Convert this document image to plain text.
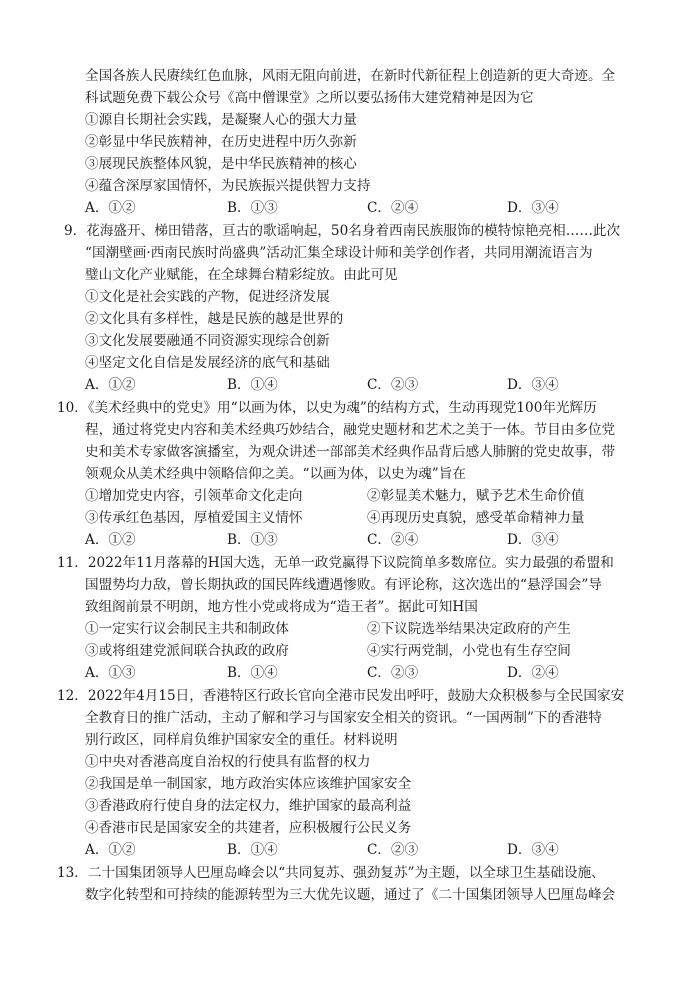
全国各族人民赓续红色血脉，风雨无阻向前进，在新时代新征程上创造新的更大奇迹。全
科试题免费下载公众号《高中僧课堂》之所以要弘扬伟大建党精神是因为它
①源自长期社会实践，是凝聚人心的强大力量
②彰显中华民族精神，在历史进程中历久弥新
③展现民族整体风貌，是中华民族精神的核心
④蕴含深厚家国情怀，为民族振兴提供智力支持
A．①②	B．①③	C．②④	D．③④
9．花海盛开、梯田错落，亘古的歌谣响起，50名身着西南民族服饰的模特惊艳亮相……此次
“国潮壁画·西南民族时尚盛典”活动汇集全球设计师和美学创作者，共同用潮流语言为
璧山文化产业赋能，在全球舞台精彩绽放。由此可见
①文化是社会实践的产物，促进经济发展
②文化具有多样性，越是民族的越是世界的
③文化发展要融通不同资源实现综合创新
④坚定文化自信是发展经济的底气和基础
A．①②	B．①④	C．②③	D．③④
10．《美术经典中的党史》用“以画为体，以史为魂”的结构方式，生动再现党100年光辉历
程，通过将党史内容和美术经典巧妙结合，融党史题材和艺术之美于一体。节目由多位党
史和美术专家做客演播室，为观众讲述一部部美术经典作品背后感人肺腑的党史故事，带
领观众从美术经典中领略信仰之美。“以画为体，以史为魂”旨在
①增加党史内容，引领革命文化走向	②彰显美术魅力，赋予艺术生命价值
③传承红色基因，厚植爱国主义情怀	④再现历史真貌，感受革命精神力量
A．①②	B．①③	C．②④	D．③④
11．2022年11月落幕的H国大选，无单一政党赢得下议院简单多数席位。实力最强的希盟和
国盟势均力敌，曾长期执政的国民阵线遭遇惨败。有评论称，这次选出的“悬浮国会”导
致组阁前景不明朗，地方性小党或将成为“造王者”。据此可知H国
①一定实行议会制民主共和制政体	②下议院选举结果决定政府的产生
③或将组建党派间联合执政的政府	④实行两党制，小党也有生存空间
A．①③	B．①④	C．②③	D．②④
12．2022年4月15日，香港特区行政长官向全港市民发出呼吁，鼓励大众积极参与全民国家安
全教育日的推广活动，主动了解和学习与国家安全相关的资讯。“一国两制”下的香港特
别行政区，同样肩负维护国家安全的重任。材料说明
①中央对香港高度自治权的行使具有监督的权力
②我国是单一制国家，地方政治实体应该维护国家安全
③香港政府行使自身的法定权力，维护国家的最高利益
④香港市民是国家安全的共建者，应积极履行公民义务
A．①②	B．①④	C．②③	D．③④
13．二十国集团领导人巴厘岛峰会以“共同复苏、强劲复苏”为主题，以全球卫生基础设施、
数字化转型和可持续的能源转型为三大优先议题，通过了《二十国集团领导人巴厘岛峰会
